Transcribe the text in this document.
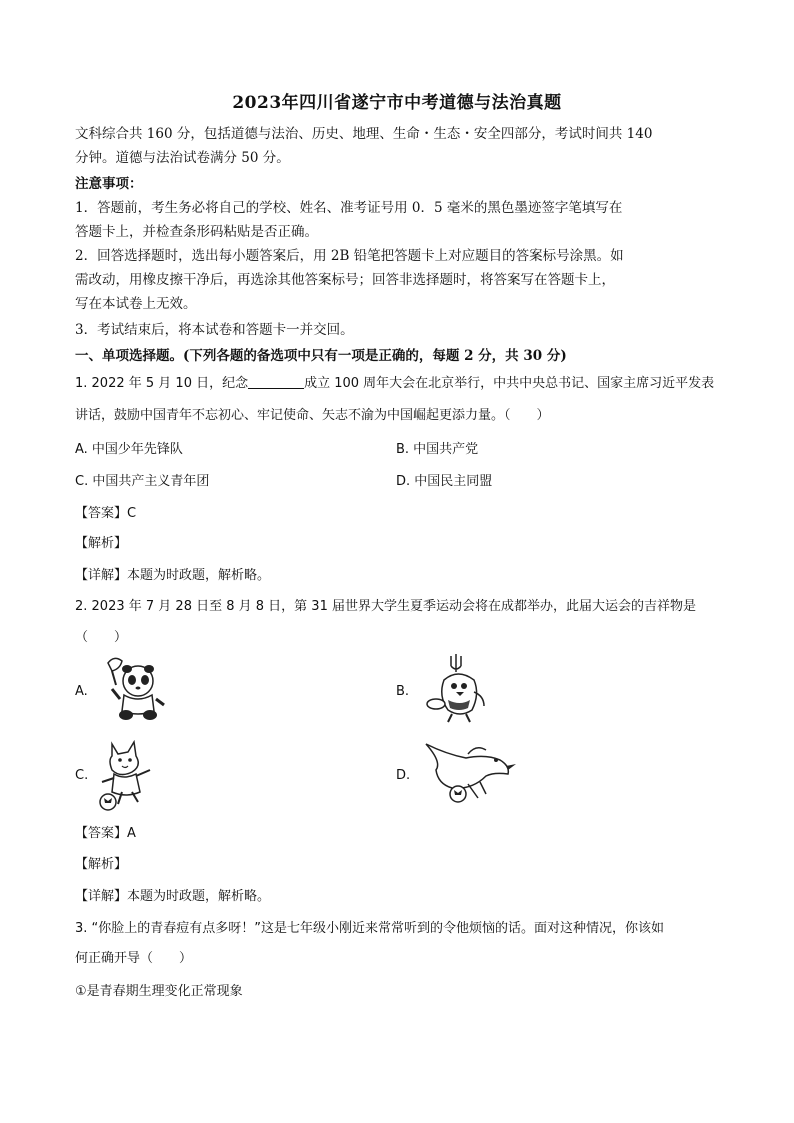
2023年四川省遂宁市中考道德与法治真题
文科综合共 160 分，包括道德与法治、历史、地理、生命・生态・安全四部分，考试时间共 140
分钟。道德与法治试卷满分 50 分。
注意事项：
1．答题前，考生务必将自己的学校、姓名、准考证号用 0．5 毫米的黑色墨迹签字笔填写在
答题卡上，并检查条形码粘贴是否正确。
2．回答选择题时，选出每小题答案后，用 2B 铅笔把答题卡上对应题目的答案标号涂黑。如
需改动，用橡皮擦干净后，再选涂其他答案标号；回答非选择题时，将答案写在答题卡上，
写在本试卷上无效。
3．考试结束后，将本试卷和答题卡一并交回。
一、单项选择题。(下列各题的备选项中只有一项是正确的，每题 2 分，共 30 分)
1. 2022 年 5 月 10 日，纪念	成立 100 周年大会在北京举行，中共中央总书记、国家主席习近平发表
讲话，鼓励中国青年不忘初心、牢记使命、矢志不渝为中国崛起更添力量。（　　）
A. 中国少年先锋队	B. 中国共产党
C. 中国共产主义青年团	D. 中国民主同盟
【答案】C
【解析】
【详解】本题为时政题，解析略。
2. 2023 年 7 月 28 日至 8 月 8 日，第 31 届世界大学生夏季运动会将在成都举办，此届大运会的吉祥物是
（　　）
A.	B.
C.	D.
【答案】A
【解析】
【详解】本题为时政题，解析略。
3. “你脸上的青春痘有点多呀！”这是七年级小刚近来常常听到的令他烦恼的话。面对这种情况，你该如
何正确开导（　　）
①是青春期生理变化正常现象
